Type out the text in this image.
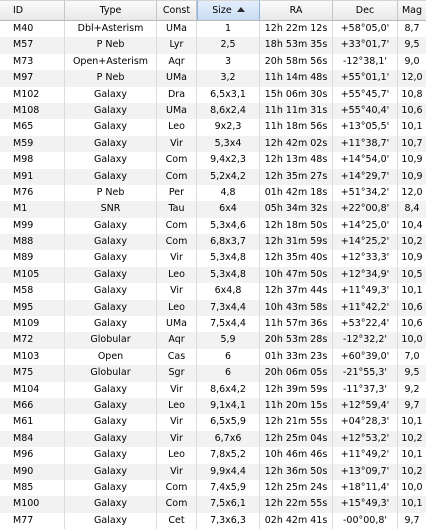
ID	Type	Const	Size	RA	Dec	Mag
M40	Dbl+Asterism	UMa	1	12h 22m 12s	+58°05,0'	8,7
M57	P Neb	Lyr	2,5	18h 53m 35s	+33°01,7'	9,5
M73	Open+Asterism	Aqr	3	20h 58m 56s	-12°38,1'	9,0
M97	P Neb	UMa	3,2	11h 14m 48s	+55°01,1'	12,0
M102	Galaxy	Dra	6,5x3,1	15h 06m 30s	+55°45,7'	10,8
M108	Galaxy	UMa	8,6x2,4	11h 11m 31s	+55°40,4'	10,6
M65	Galaxy	Leo	9x2,3	11h 18m 56s	+13°05,5'	10,1
M59	Galaxy	Vir	5,3x4	12h 42m 02s	+11°38,7'	10,7
M98	Galaxy	Com	9,4x2,3	12h 13m 48s	+14°54,0'	10,9
M91	Galaxy	Com	5,2x4,2	12h 35m 27s	+14°29,7'	10,9
M76	P Neb	Per	4,8	01h 42m 18s	+51°34,2'	12,0
M1	SNR	Tau	6x4	05h 34m 32s	+22°00,8'	8,4
M99	Galaxy	Com	5,3x4,6	12h 18m 50s	+14°25,0'	10,4
M88	Galaxy	Com	6,8x3,7	12h 31m 59s	+14°25,2'	10,2
M89	Galaxy	Vir	5,3x4,8	12h 35m 40s	+12°33,3'	10,9
M105	Galaxy	Leo	5,3x4,8	10h 47m 50s	+12°34,9'	10,5
M58	Galaxy	Vir	6x4,8	12h 37m 44s	+11°49,3'	10,1
M95	Galaxy	Leo	7,3x4,4	10h 43m 58s	+11°42,2'	10,6
M109	Galaxy	UMa	7,5x4,4	11h 57m 36s	+53°22,4'	10,6
M72	Globular	Aqr	5,9	20h 53m 28s	-12°32,2'	10,0
M103	Open	Cas	6	01h 33m 23s	+60°39,0'	7,0
M75	Globular	Sgr	6	20h 06m 05s	-21°55,3'	9,5
M104	Galaxy	Vir	8,6x4,2	12h 39m 59s	-11°37,3'	9,2
M66	Galaxy	Leo	9,1x4,1	11h 20m 15s	+12°59,4'	9,7
M61	Galaxy	Vir	6,5x5,9	12h 21m 55s	+04°28,3'	10,1
M84	Galaxy	Vir	6,7x6	12h 25m 04s	+12°53,2'	10,2
M96	Galaxy	Leo	7,8x5,2	10h 46m 46s	+11°49,2'	10,1
M90	Galaxy	Vir	9,9x4,4	12h 36m 50s	+13°09,7'	10,2
M85	Galaxy	Com	7,4x5,9	12h 25m 24s	+18°11,4'	10,0
M100	Galaxy	Com	7,5x6,1	12h 22m 55s	+15°49,3'	10,1
M77	Galaxy	Cet	7,3x6,3	02h 42m 41s	-00°00,8'	9,7
